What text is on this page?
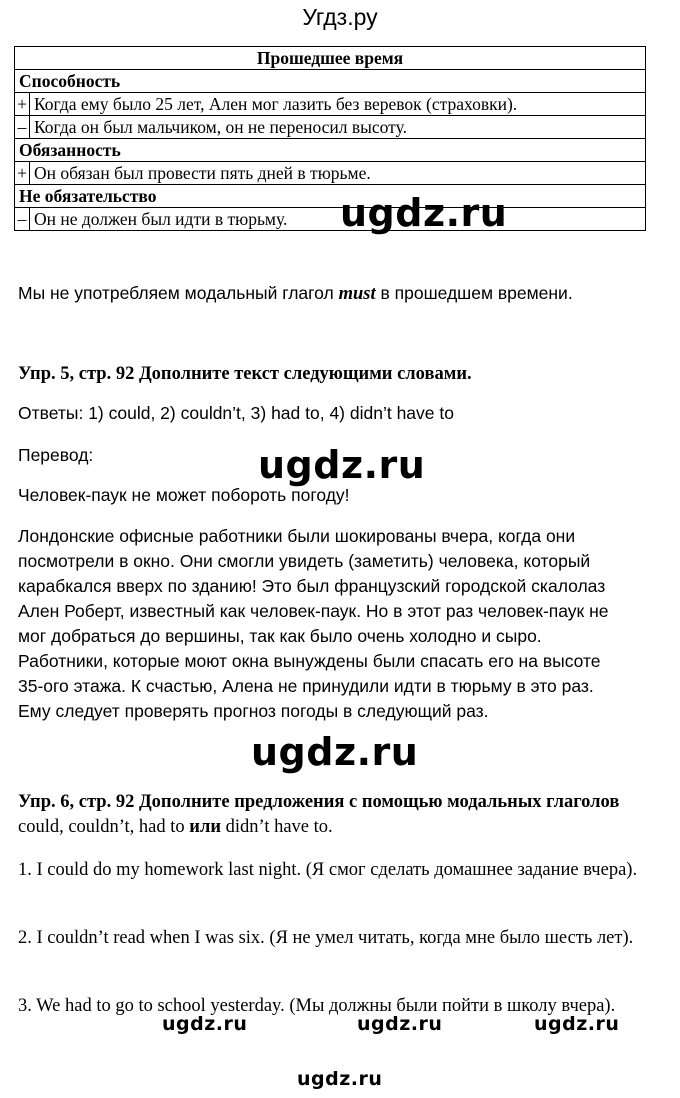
Угдз.ру
Прошедшее время	
Способность	
+	Когда ему было 25 лет, Ален мог лазить без веревок (страховки).
–	Когда он был мальчиком, он не переносил высоту.
Обязанность	
+	Он обязан был провести пять дней в тюрьме.
Не обязательство	
–	Он не должен был идти в тюрьму.

Мы не употребляем модальный глагол must в прошедшем времени.

Упр. 5, стр. 92 Дополните текст следующими словами.

Ответы: 1) could, 2) couldn’t, 3) had to, 4) didn’t have to

Перевод:

Человек-паук не может побороть погоду!

Лондонские офисные работники были шокированы вчера, когда они посмотрели в окно. Они смогли увидеть (заметить) человека, который карабкался вверх по зданию! Это был французский городской скалолаз Ален Роберт, известный как человек-паук. Но в этот раз человек-паук не мог добраться до вершины, так как было очень холодно и сыро. Работники, которые моют окна вынуждены были спасать его на высоте 35-ого этажа. К счастью, Алена не принудили идти в тюрьму в это раз. Ему следует проверять прогноз погоды в следующий раз.

Упр. 6, стр. 92 Дополните предложения с помощью модальных глаголов could, couldn’t, had to или didn’t have to.

1. I could do my homework last night. (Я смог сделать домашнее задание вчера).

2. I couldn’t read when I was six. (Я не умел читать, когда мне было шесть лет).

3. We had to go to school yesterday. (Мы должны были пойти в школу вчера).

ugdz.ru
ugdz.ru
ugdz.ru
ugdz.ru	ugdz.ru	ugdz.ru
ugdz.ru
